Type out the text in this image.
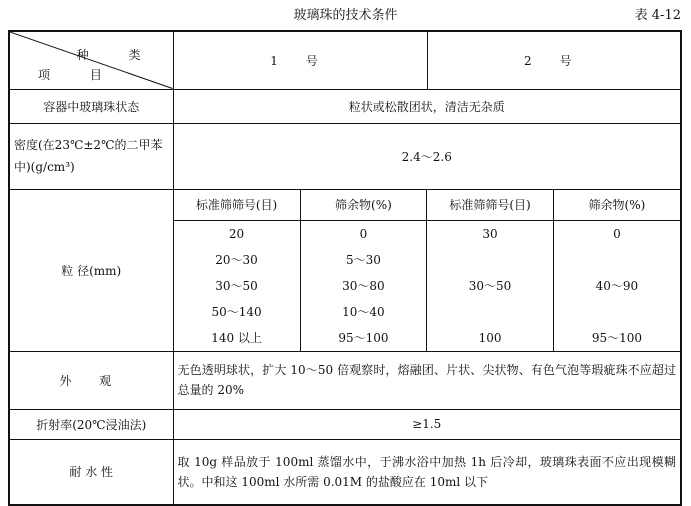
玻璃珠的技术条件	表 4-12
种 类
项 目
	1 号	2 号
容器中玻璃珠状态	粒状或松散团状，清洁无杂质
密度(在23℃±2℃的二甲苯中)(g/cm³)	2.4～2.6
粒 径(mm)	
标准筛筛号(目)	筛余物(%)	标准筛筛号(目)	筛余物(%)
20	0	30	0
20～30	5～30		
30～50	30～80	30～50	40～90
50～140	10～40		
140 以上	95～100	100	95～100

外 观	无色透明球状，扩大 10～50 倍观察时，熔融团、片状、尖状物、有色气泡等瑕疵珠不应超过总量的 20%
折射率(20℃浸油法)	≥1.5
耐 水 性	取 10g 样品放于 100ml 蒸馏水中，于沸水浴中加热 1h 后冷却，玻璃珠表面不应出现模糊状。中和这 100ml 水所需 0.01M 的盐酸应在 10ml 以下
